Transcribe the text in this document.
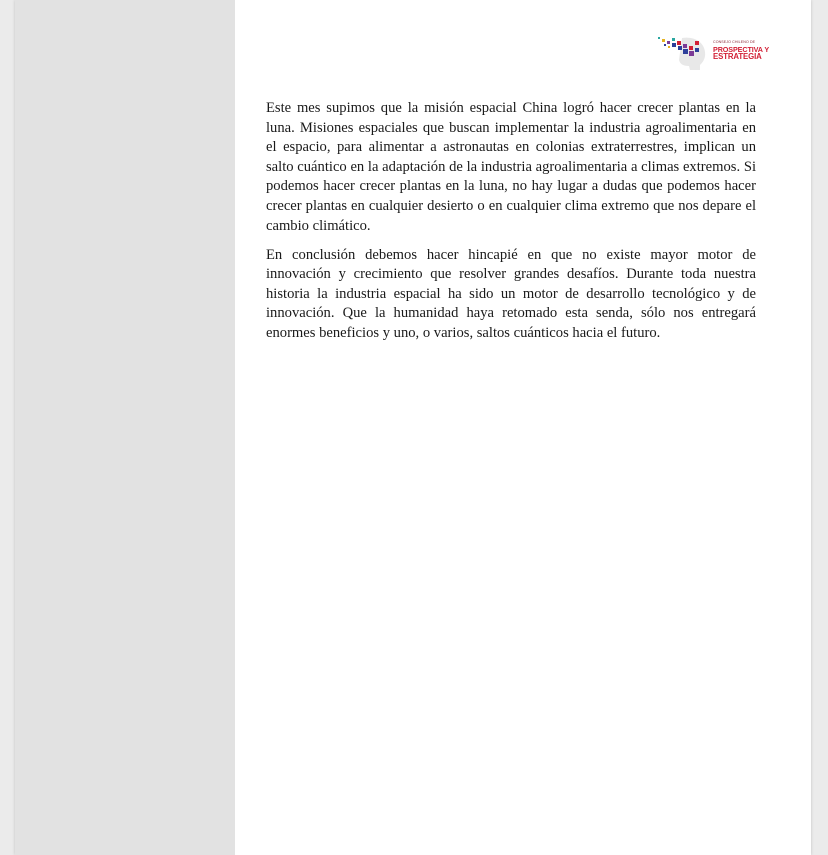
CONSEJO CHILENO DE
PROSPECTIVA Y
ESTRATEGIA

Este mes supimos que la misión espacial China logró hacer crecer plantas en la luna. Misiones espaciales que buscan implementar la industria agroalimentaria en el espacio, para alimentar a astronautas en colonias extraterrestres, implican un salto cuántico en la adaptación de la industria agroalimentaria a climas extremos. Si podemos hacer crecer plantas en la luna, no hay lugar a dudas que podemos hacer crecer plantas en cualquier desierto o en cualquier clima extremo que nos depare el cambio climático.

En conclusión debemos hacer hincapié en que no existe mayor motor de innovación y crecimiento que resolver grandes desafíos. Durante toda nuestra historia la industria espacial ha sido un motor de desarrollo tecnológico y de innovación. Que la humanidad haya retomado esta senda, sólo nos entregará enormes beneficios y uno, o varios, saltos cuánticos hacia el futuro.
